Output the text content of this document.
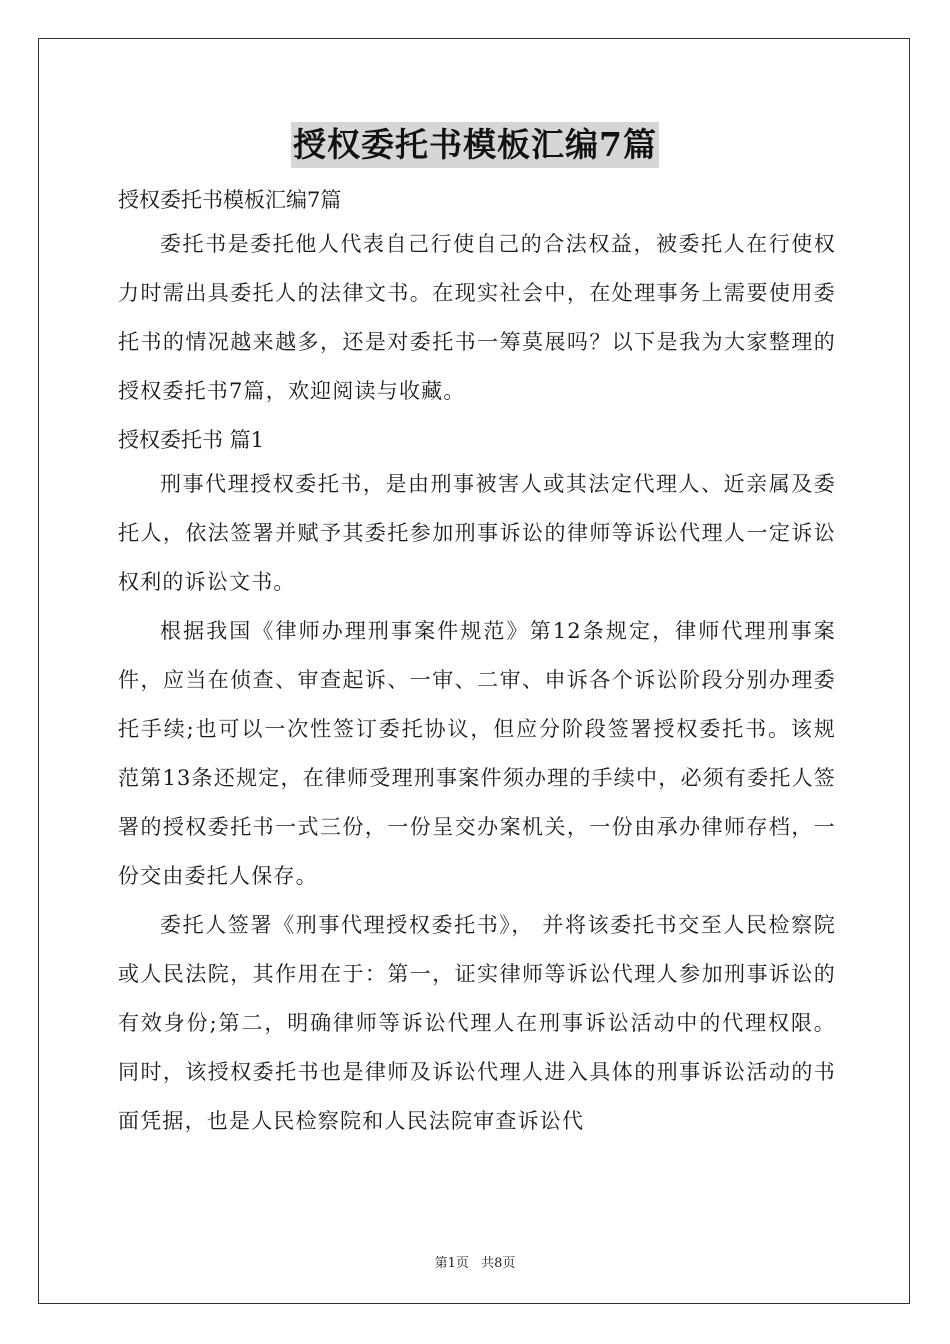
授权委托书模板汇编7篇
授权委托书模板汇编7篇

委托书是委托他人代表自己行使自己的合法权益，被委托人在行使权力时需出具委托人的法律文书。在现实社会中，在处理事务上需要使用委托书的情况越来越多，还是对委托书一筹莫展吗？以下是我为大家整理的授权委托书7篇，欢迎阅读与收藏。

授权委托书 篇1

刑事代理授权委托书，是由刑事被害人或其法定代理人、近亲属及委托人，依法签署并赋予其委托参加刑事诉讼的律师等诉讼代理人一定诉讼权利的诉讼文书。

根据我国《律师办理刑事案件规范》第12条规定，律师代理刑事案件，应当在侦查、审查起诉、一审、二审、申诉各个诉讼阶段分别办理委托手续;也可以一次性签订委托协议，但应分阶段签署授权委托书。该规范第13条还规定，在律师受理刑事案件须办理的手续中，必须有委托人签署的授权委托书一式三份，一份呈交办案机关，一份由承办律师存档，一份交由委托人保存。

委托人签署《刑事代理授权委托书》， 并将该委托书交至人民检察院或人民法院，其作用在于：第一，证实律师等诉讼代理人参加刑事诉讼的有效身份;第二，明确律师等诉讼代理人在刑事诉讼活动中的代理权限。同时，该授权委托书也是律师及诉讼代理人进入具体的刑事诉讼活动的书面凭据，也是人民检察院和人民法院审查诉讼代

第1页 共8页
